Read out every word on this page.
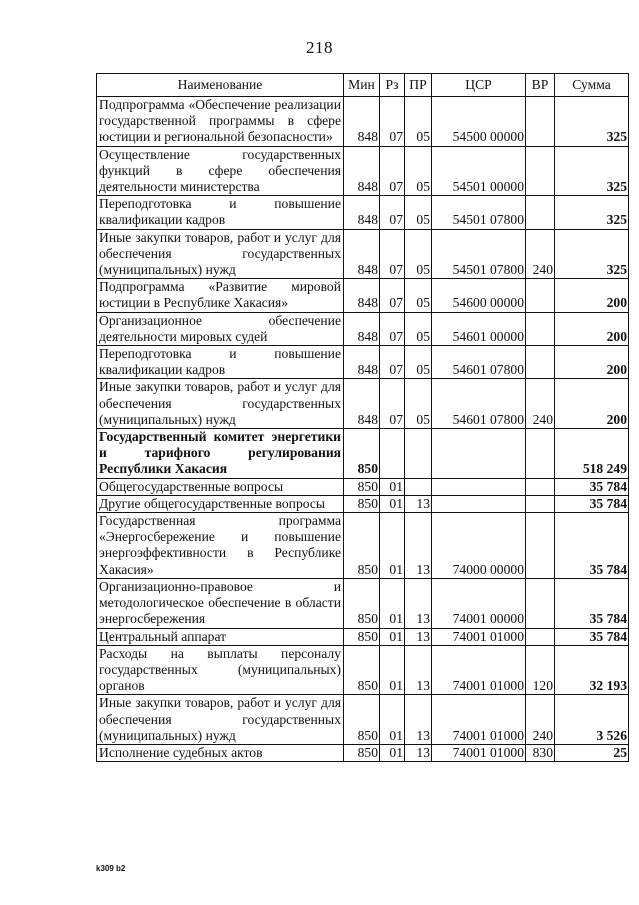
218
Наименование	Мин	Рз	ПР	ЦСР	ВР	Сумма
Подпрограмма «Обеспечение реализации государственной программы в сфере юстиции и региональной безопасности»	848	07	05	54500 00000		325
Осуществление государственных функций в сфере обеспечения деятельности министерства	848	07	05	54501 00000		325
Переподготовка и повышение квалификации кадров	848	07	05	54501 07800		325
Иные закупки товаров, работ и услуг для обеспечения государственных (муниципальных) нужд	848	07	05	54501 07800	240	325
Подпрограмма «Развитие мировой юстиции в Республике Хакасия»	848	07	05	54600 00000		200
Организационное обеспечение деятельности мировых судей	848	07	05	54601 00000		200
Переподготовка и повышение квалификации кадров	848	07	05	54601 07800		200
Иные закупки товаров, работ и услуг для обеспечения государственных (муниципальных) нужд	848	07	05	54601 07800	240	200
Государственный комитет энергетики и тарифного регулирования Республики Хакасия	850					518 249
Общегосударственные вопросы	850	01				35 784
Другие общегосударственные вопросы	850	01	13			35 784
Государственная программа «Энергосбережение и повышение энергоэффективности в Республике Хакасия»	850	01	13	74000 00000		35 784
Организационно-правовое и методологическое обеспечение в области энергосбережения	850	01	13	74001 00000		35 784
Центральный аппарат	850	01	13	74001 01000		35 784
Расходы на выплаты персоналу государственных (муниципальных) органов	850	01	13	74001 01000	120	32 193
Иные закупки товаров, работ и услуг для обеспечения государственных (муниципальных) нужд	850	01	13	74001 01000	240	3 526
Исполнение судебных актов	850	01	13	74001 01000	830	25
k309 b2
